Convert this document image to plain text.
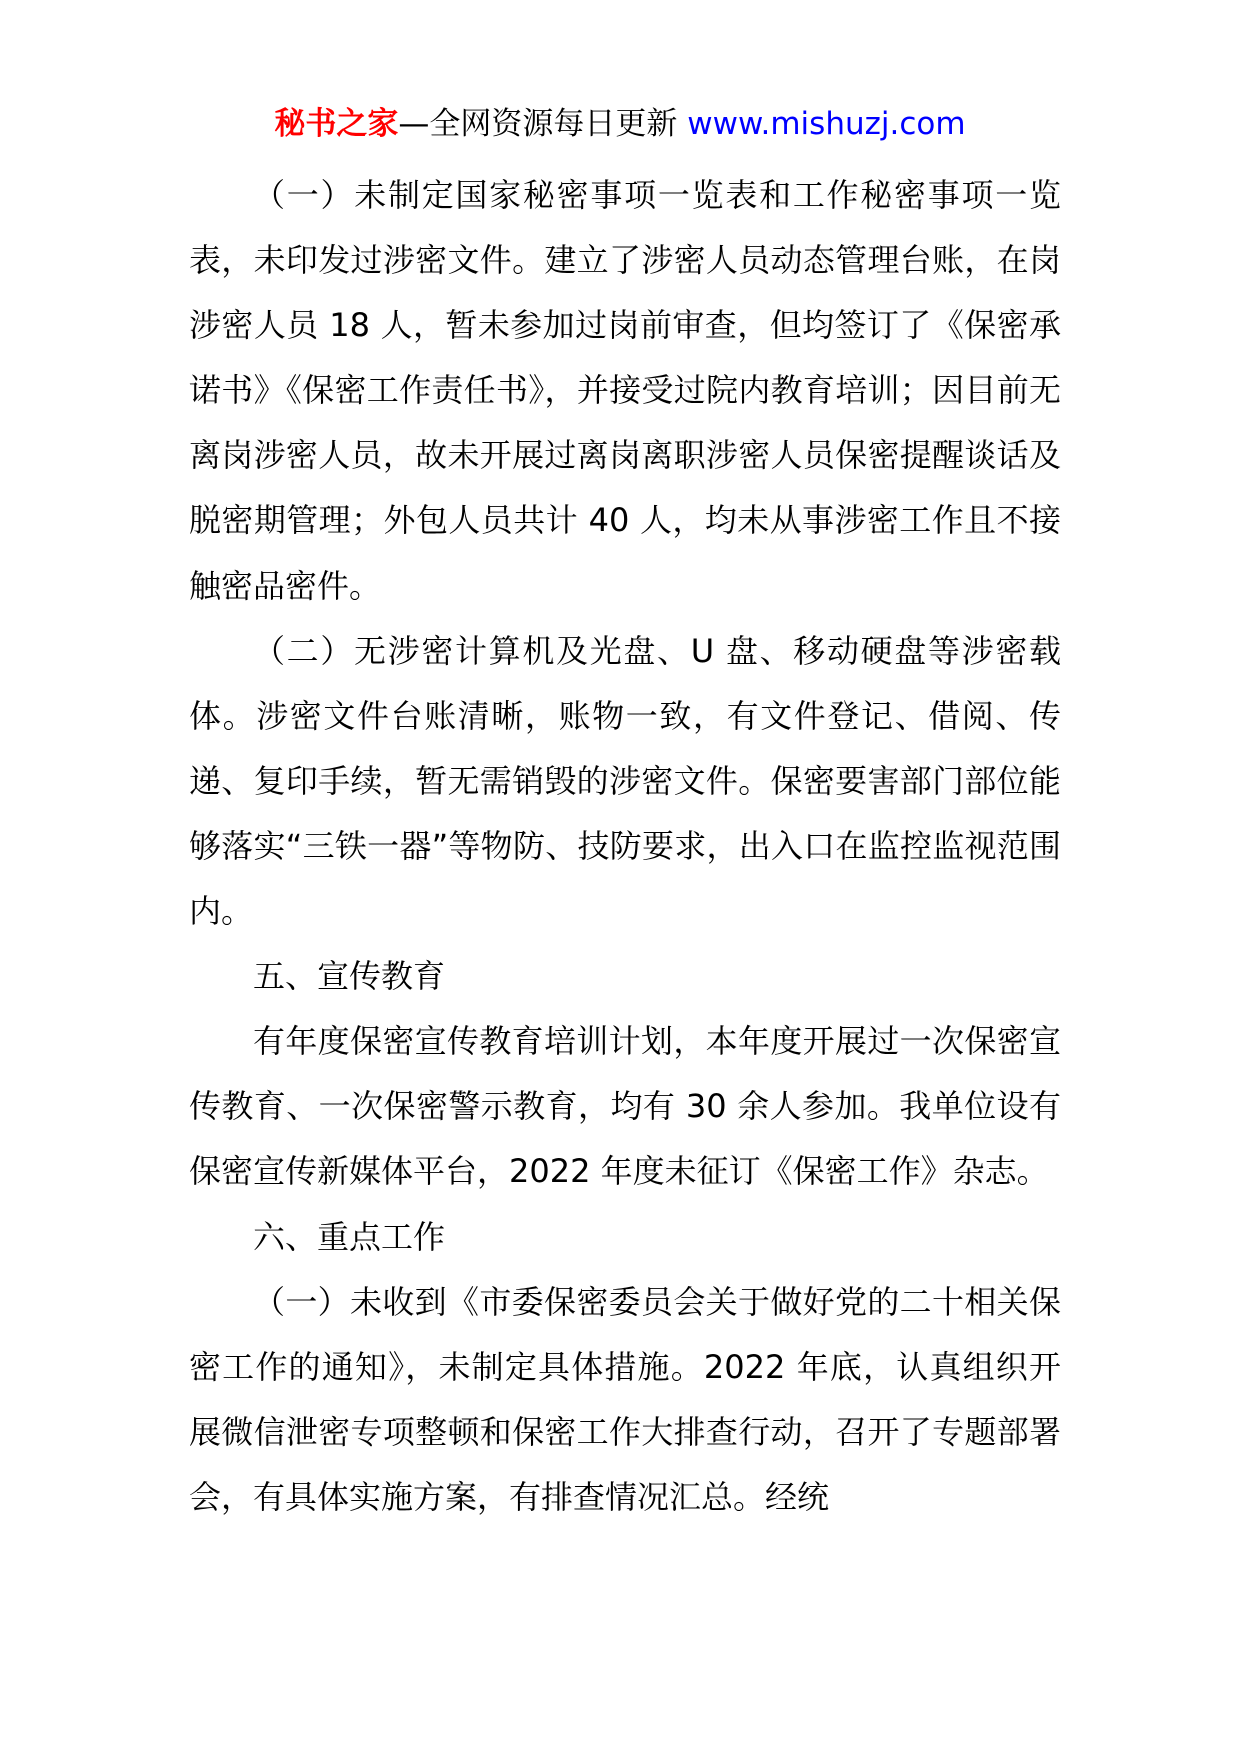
秘书之家—全网资源每日更新 www.mishuzj.com

（一）未制定国家秘密事项一览表和工作秘密事项一览表，未印发过涉密文件。建立了涉密人员动态管理台账，在岗涉密人员 18 人，暂未参加过岗前审查，但均签订了《保密承诺书》《保密工作责任书》，并接受过院内教育培训；因目前无离岗涉密人员，故未开展过离岗离职涉密人员保密提醒谈话及脱密期管理；外包人员共计 40 人，均未从事涉密工作且不接触密品密件。

（二）无涉密计算机及光盘、U 盘、移动硬盘等涉密载体。涉密文件台账清晰，账物一致，有文件登记、借阅、传递、复印手续，暂无需销毁的涉密文件。保密要害部门部位能够落实“三铁一器”等物防、技防要求，出入口在监控监视范围内。

五、宣传教育

有年度保密宣传教育培训计划，本年度开展过一次保密宣传教育、一次保密警示教育，均有 30 余人参加。我单位设有保密宣传新媒体平台，2022 年度未征订《保密工作》杂志。

六、重点工作

（一）未收到《市委保密委员会关于做好党的二十相关保密工作的通知》，未制定具体措施。2022 年底，认真组织开展微信泄密专项整顿和保密工作大排查行动，召开了专题部署会，有具体实施方案，有排查情况汇总。经统
